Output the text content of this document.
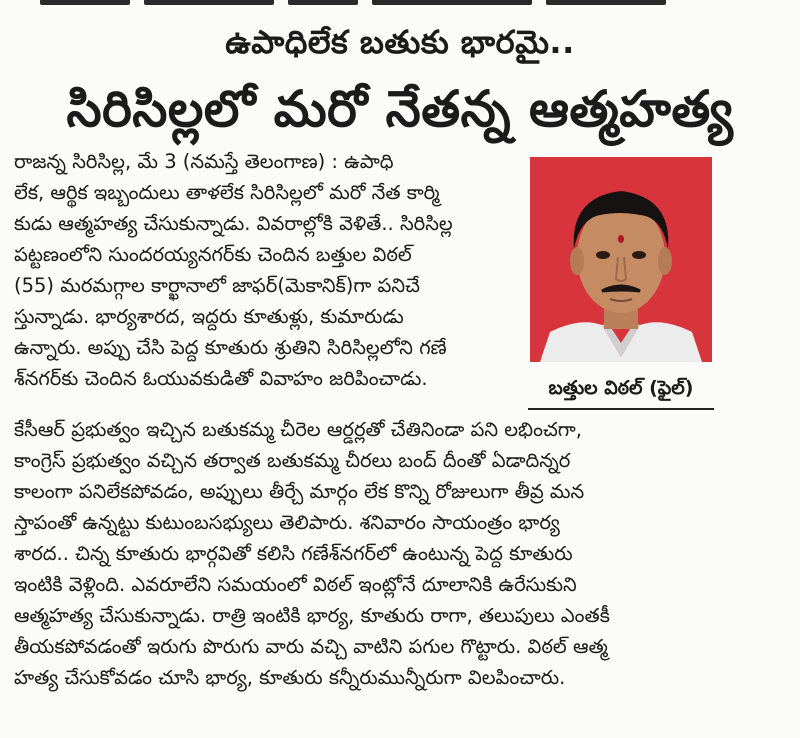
ఉపాధిలేక బతుకు భారమై..
సిరిసిల్లలో మరో నేతన్న ఆత్మహత్య
రాజన్న సిరిసిల్ల, మే 3 (నమస్తే తెలంగాణ) : ఉపాధి
లేక, ఆర్థిక ఇబ్బందులు తాళలేక సిరిసిల్లలో మరో నేత కార్మి
కుడు ఆత్మహత్య చేసుకున్నాడు. వివరాల్లోకి వెళితే.. సిరిసిల్ల
పట్టణంలోని సుందరయ్యనగర్‌కు చెందిన బత్తుల విఠల్
(55) మరమగ్గాల కార్ఖానాలో జాఫర్(మెకానిక్)గా పనిచే
స్తున్నాడు. భార్యశారద, ఇద్దరు కూతుళ్లు, కుమారుడు
ఉన్నారు. అప్పు చేసి పెద్ద కూతురు శ్రుతిని సిరిసిల్లలోని గణే
శ్‌నగర్‌కు చెందిన ఓయువకుడితో వివాహం జరిపించాడు.	బత్తుల విఠల్ (ఫైల్)
కేసీఆర్ ప్రభుత్వం ఇచ్చిన బతుకమ్మ చీరెల ఆర్డర్లతో చేతినిండా పని లభించగా,
కాంగ్రెస్ ప్రభుత్వం వచ్చిన తర్వాత బతుకమ్మ చీరలు బంద్ దీంతో ఏడాదిన్నర
కాలంగా పనిలేకపోవడం, అప్పులు తీర్చే మార్గం లేక కొన్ని రోజులుగా తీవ్ర మన
స్తాపంతో ఉన్నట్టు కుటుంబసభ్యులు తెలిపారు. శనివారం సాయంత్రం భార్య
శారద.. చిన్న కూతురు భార్గవితో కలిసి గణేశ్‌నగర్‌లో ఉంటున్న పెద్ద కూతురు
ఇంటికి వెళ్లింది. ఎవరూలేని సమయంలో విఠల్ ఇంట్లోనే దూలానికి ఉరేసుకుని
ఆత్మహత్య చేసుకున్నాడు. రాత్రి ఇంటికి భార్య, కూతురు రాగా, తలుపులు ఎంతకీ
తీయకపోవడంతో ఇరుగు పొరుగు వారు వచ్చి వాటిని పగుల గొట్టారు. విఠల్ ఆత్మ
హత్య చేసుకోవడం చూసి భార్య, కూతురు కన్నీరుమున్నీరుగా విలపించారు.
